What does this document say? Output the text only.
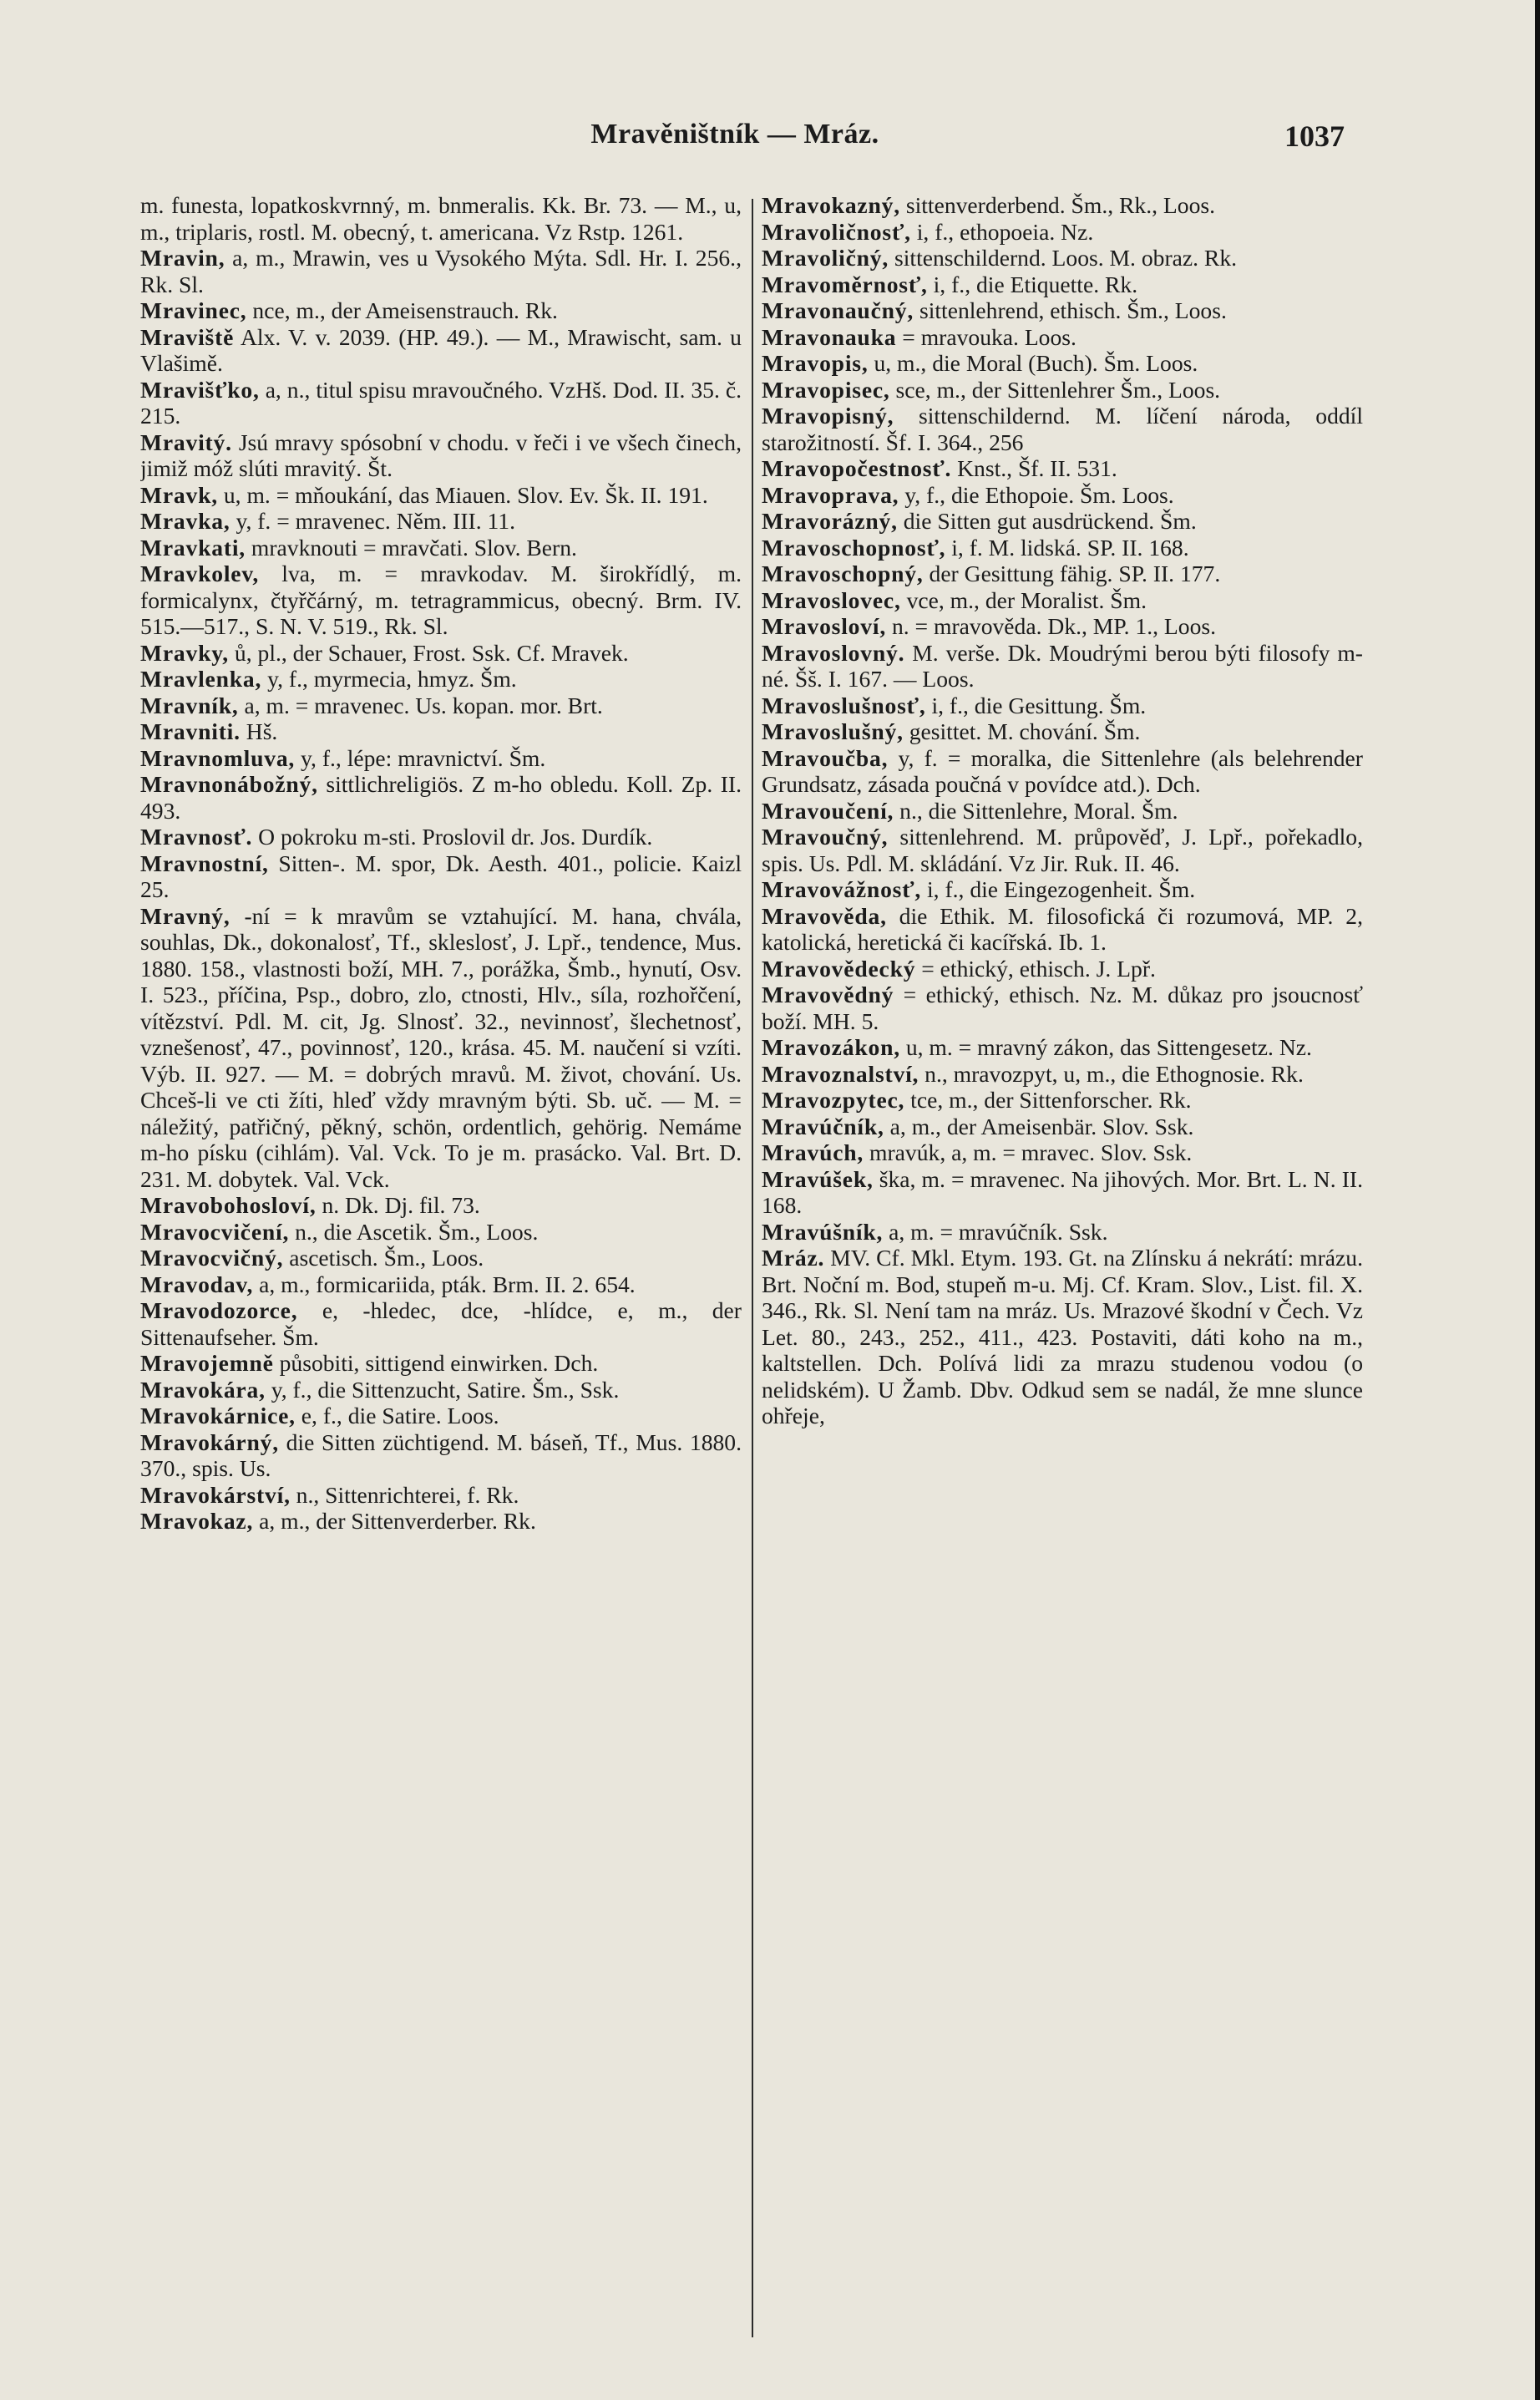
Mravěništník — Mráz.	1037

m. funesta, lopatkoskvrnný, m. bnmeralis. Kk. Br. 73. — M., u, m., triplaris, rostl. M. obecný, t. americana. Vz Rstp. 1261.

Mravin, a, m., Mrawin, ves u Vysokého Mýta. Sdl. Hr. I. 256., Rk. Sl.

Mravinec, nce, m., der Ameisenstrauch. Rk.

Mraviště Alx. V. v. 2039. (HP. 49.). — M., Mrawischt, sam. u Vlašimě.

Mravišťko, a, n., titul spisu mravoučného. VzHš. Dod. II. 35. č. 215.

Mravitý. Jsú mravy spósobní v chodu. v řeči i ve všech činech, jimiž móž slúti mravitý. Št.

Mravk, u, m. = mňoukání, das Miauen. Slov. Ev. Šk. II. 191.

Mravka, y, f. = mravenec. Něm. III. 11.

Mravkati, mravknouti = mravčati. Slov. Bern.

Mravkolev, lva, m. = mravkodav. M. širokřídlý, m. formicalynx, čtyřčárný, m. tetragrammicus, obecný. Brm. IV. 515.—517., S. N. V. 519., Rk. Sl.

Mravky, ů, pl., der Schauer, Frost. Ssk. Cf. Mravek.

Mravlenka, y, f., myrmecia, hmyz. Šm.

Mravník, a, m. = mravenec. Us. kopan. mor. Brt.

Mravniti. Hš.

Mravnomluva, y, f., lépe: mravnictví. Šm.

Mravnonábožný, sittlichreligiös. Z m-ho obledu. Koll. Zp. II. 493.

Mravnosť. O pokroku m-sti. Proslovil dr. Jos. Durdík.

Mravnostní, Sitten-. M. spor, Dk. Aesth. 401., policie. Kaizl 25.

Mravný, -ní = k mravům se vztahující. M. hana, chvála, souhlas, Dk., dokonalosť, Tf., skleslosť, J. Lpř., tendence, Mus. 1880. 158., vlastnosti boží, MH. 7., porážka, Šmb., hynutí, Osv. I. 523., příčina, Psp., dobro, zlo, ctnosti, Hlv., síla, rozhořčení, vítězství. Pdl. M. cit, Jg. Slnosť. 32., nevinnosť, šlechetnosť, vznešenosť, 47., povinnosť, 120., krása. 45. M. naučení si vzíti. Výb. II. 927. — M. = dobrých mravů. M. život, chování. Us. Chceš-li ve cti žíti, hleď vždy mravným býti. Sb. uč. — M. = náležitý, patřičný, pěkný, schön, ordentlich, gehörig. Nemáme m-ho písku (cihlám). Val. Vck. To je m. prasácko. Val. Brt. D. 231. M. dobytek. Val. Vck.

Mravobohosloví, n. Dk. Dj. fil. 73.

Mravocvičení, n., die Ascetik. Šm., Loos.

Mravocvičný, ascetisch. Šm., Loos.

Mravodav, a, m., formicariida, pták. Brm. II. 2. 654.

Mravodozorce, e, -hledec, dce, -hlídce, e, m., der Sittenaufseher. Šm.

Mravojemně působiti, sittigend einwirken. Dch.

Mravokára, y, f., die Sittenzucht, Satire. Šm., Ssk.

Mravokárnice, e, f., die Satire. Loos.

Mravokárný, die Sitten züchtigend. M. báseň, Tf., Mus. 1880. 370., spis. Us.

Mravokárství, n., Sittenrichterei, f. Rk.

Mravokaz, a, m., der Sittenverderber. Rk.

Mravokazný, sittenverderbend. Šm., Rk., Loos.

Mravoličnosť, i, f., ethopoeia. Nz.

Mravoličný, sittenschildernd. Loos. M. obraz. Rk.

Mravoměrnosť, i, f., die Etiquette. Rk.

Mravonaučný, sittenlehrend, ethisch. Šm., Loos.

Mravonauka = mravouka. Loos.

Mravopis, u, m., die Moral (Buch). Šm. Loos.

Mravopisec, sce, m., der Sittenlehrer Šm., Loos.

Mravopisný, sittenschildernd. M. líčení národa, oddíl starožitností. Šf. I. 364., 256

Mravopočestnosť. Knst., Šf. II. 531.

Mravoprava, y, f., die Ethopoie. Šm. Loos.

Mravorázný, die Sitten gut ausdrückend. Šm.

Mravoschopnosť, i, f. M. lidská. SP. II. 168.

Mravoschopný, der Gesittung fähig. SP. II. 177.

Mravoslovec, vce, m., der Moralist. Šm.

Mravosloví, n. = mravověda. Dk., MP. 1., Loos.

Mravoslovný. M. verše. Dk. Moudrými berou býti filosofy m-né. Šš. I. 167. — Loos.

Mravoslušnosť, i, f., die Gesittung. Šm.

Mravoslušný, gesittet. M. chování. Šm.

Mravoučba, y, f. = moralka, die Sittenlehre (als belehrender Grundsatz, zásada poučná v povídce atd.). Dch.

Mravoučení, n., die Sittenlehre, Moral. Šm.

Mravoučný, sittenlehrend. M. průpověď, J. Lpř., pořekadlo, spis. Us. Pdl. M. skládání. Vz Jir. Ruk. II. 46.

Mravovážnosť, i, f., die Eingezogenheit. Šm.

Mravověda, die Ethik. M. filosofická či rozumová, MP. 2, katolická, heretická či kacířská. Ib. 1.

Mravovědecký = ethický, ethisch. J. Lpř.

Mravovědný = ethický, ethisch. Nz. M. důkaz pro jsoucnosť boží. MH. 5.

Mravozákon, u, m. = mravný zákon, das Sittengesetz. Nz.

Mravoznalství, n., mravozpyt, u, m., die Ethognosie. Rk.

Mravozpytec, tce, m., der Sittenforscher. Rk.

Mravúčník, a, m., der Ameisenbär. Slov. Ssk.

Mravúch, mravúk, a, m. = mravec. Slov. Ssk.

Mravúšek, ška, m. = mravenec. Na jihových. Mor. Brt. L. N. II. 168.

Mravúšník, a, m. = mravúčník. Ssk.

Mráz. MV. Cf. Mkl. Etym. 193. Gt. na Zlínsku á nekrátí: mrázu. Brt. Noční m. Bod, stupeň m-u. Mj. Cf. Kram. Slov., List. fil. X. 346., Rk. Sl. Není tam na mráz. Us. Mrazové škodní v Čech. Vz Let. 80., 243., 252., 411., 423. Postaviti, dáti koho na m., kaltstellen. Dch. Polívá lidi za mrazu studenou vodou (o nelidském). U Žamb. Dbv. Odkud sem se nadál, že mne slunce ohřeje,
